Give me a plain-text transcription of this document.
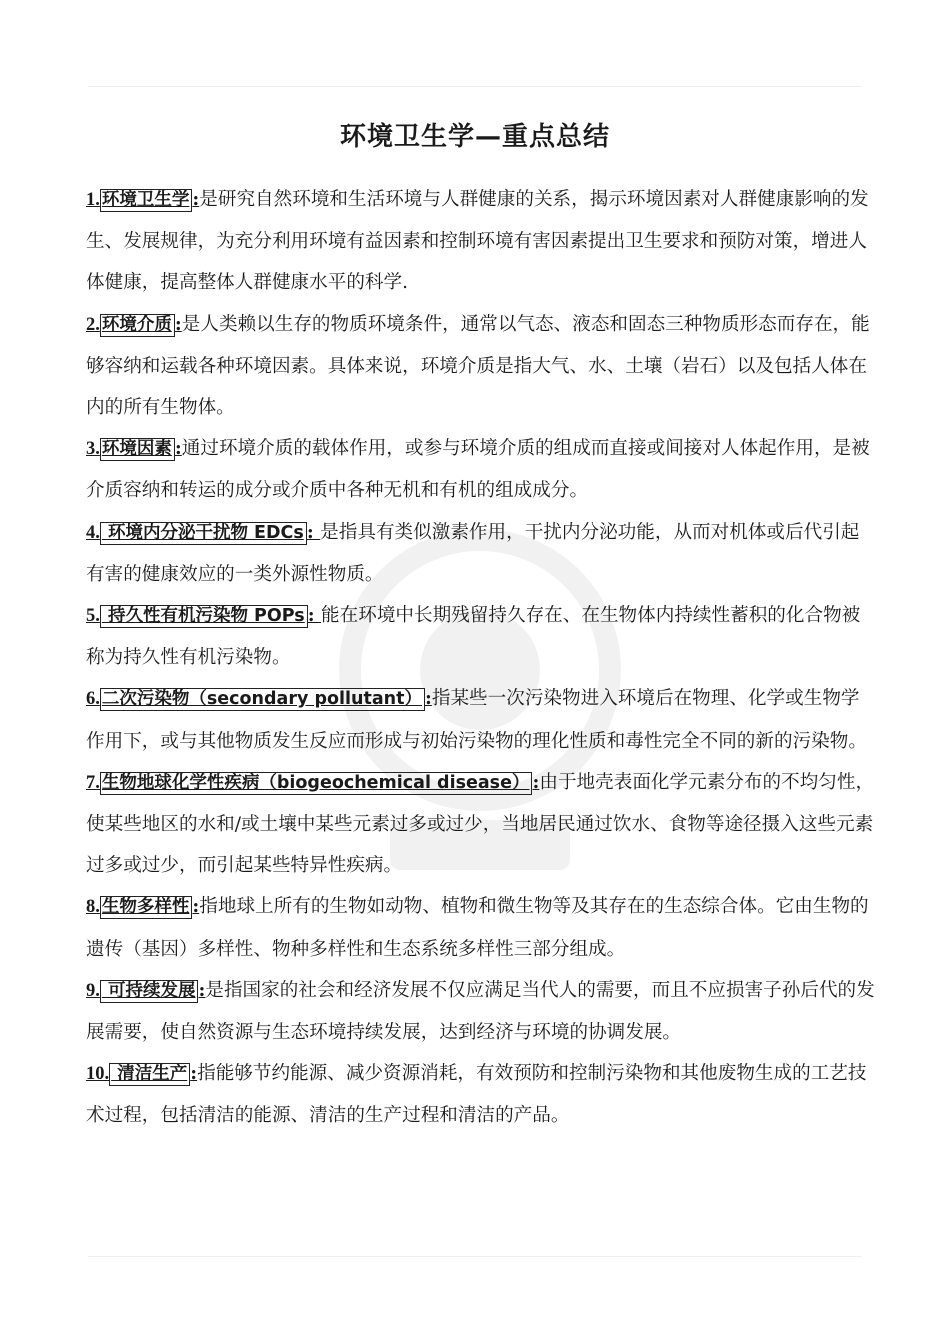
环境卫生学—重点总结

1. 环境卫生学 :是研究自然环境和生活环境与人群健康的关系，揭示环境因素对人群健康影响的发生、发展规律，为充分利用环境有益因素和控制环境有害因素提出卫生要求和预防对策，增进人体健康，提高整体人群健康水平的科学.

2. 环境介质 :是人类赖以生存的物质环境条件，通常以气态、液态和固态三种物质形态而存在，能够容纳和运载各种环境因素。具体来说，环境介质是指大气、水、土壤（岩石）以及包括人体在内的所有生物体。

3. 环境因素 :通过环境介质的载体作用，或参与环境介质的组成而直接或间接对人体起作用，是被介质容纳和转运的成分或介质中各种无机和有机的组成成分。

4. 环境内分泌干扰物 EDCs : 是指具有类似激素作用，干扰内分泌功能，从而对机体或后代引起有害的健康效应的一类外源性物质。

5. 持久性有机污染物 POPs : 能在环境中长期残留持久存在、在生物体内持续性蓄积的化合物被称为持久性有机污染物。

6. 二次污染物（secondary pollutant） :指某些一次污染物进入环境后在物理、化学或生物学作用下，或与其他物质发生反应而形成与初始污染物的理化性质和毒性完全不同的新的污染物。

7. 生物地球化学性疾病（biogeochemical disease） :由于地壳表面化学元素分布的不均匀性，使某些地区的水和/或土壤中某些元素过多或过少，当地居民通过饮水、食物等途径摄入这些元素过多或过少，而引起某些特异性疾病。

8. 生物多样性 :指地球上所有的生物如动物、植物和微生物等及其存在的生态综合体。它由生物的遗传（基因）多样性、物种多样性和生态系统多样性三部分组成。

9. 可持续发展 :是指国家的社会和经济发展不仅应满足当代人的需要，而且不应损害子孙后代的发展需要，使自然资源与生态环境持续发展，达到经济与环境的协调发展。

10. 清洁生产 :指能够节约能源、减少资源消耗，有效预防和控制污染物和其他废物生成的工艺技术过程，包括清洁的能源、清洁的生产过程和清洁的产品。
